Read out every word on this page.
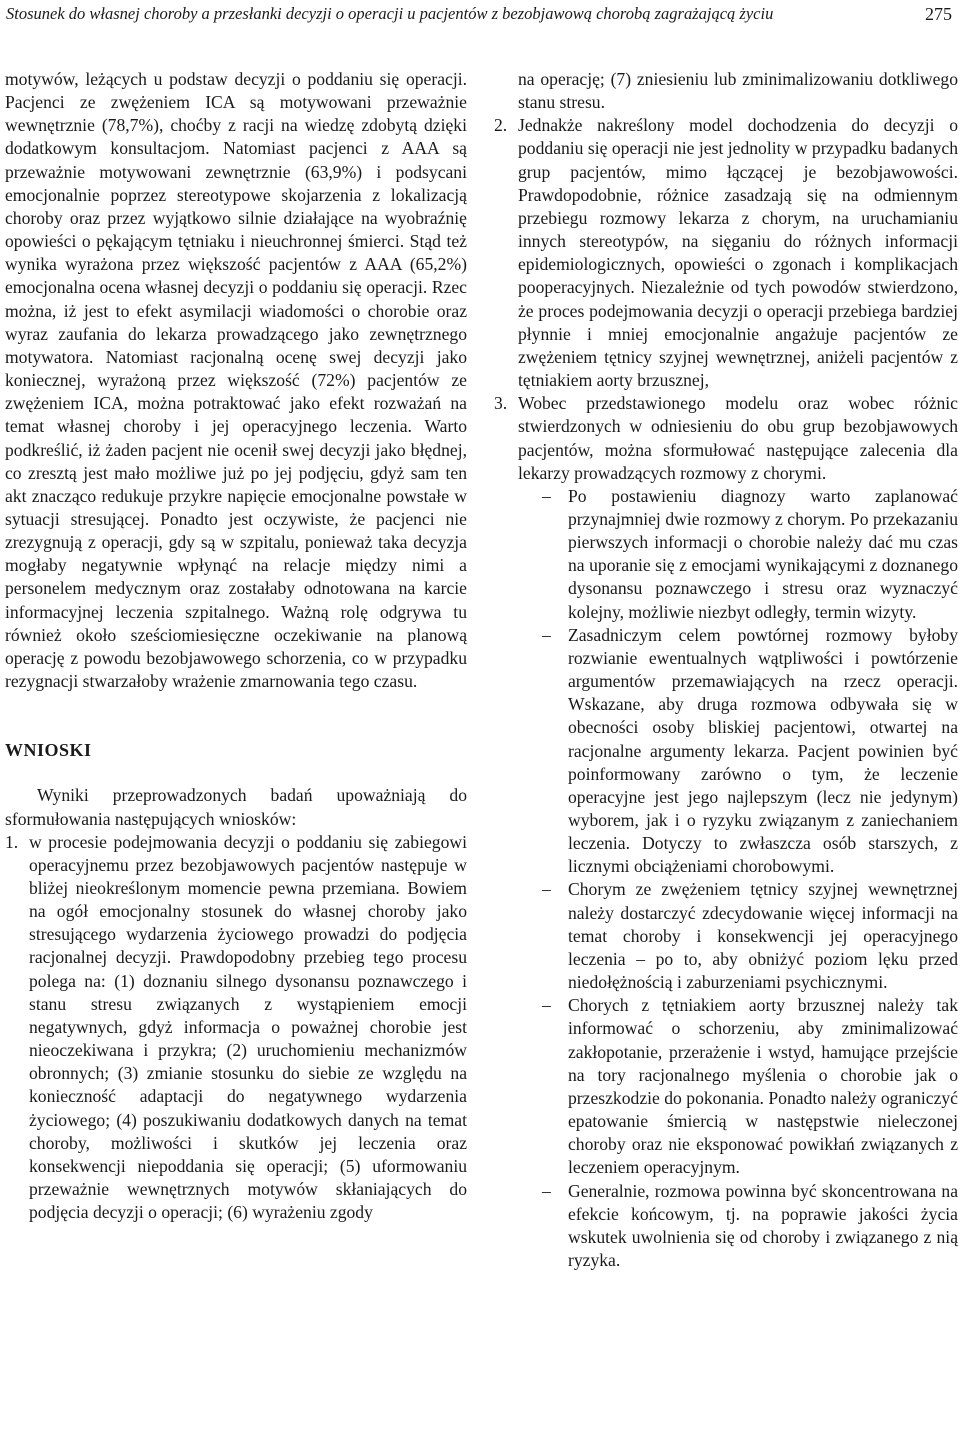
Stosunek do własnej choroby a przesłanki decyzji o operacji u pacjentów z bezobjawową chorobą zagrażającą życiu	275

motywów, leżących u podstaw decyzji o poddaniu się operacji. Pacjenci ze zwężeniem ICA są motywowani przeważnie wewnętrznie (78,7%), choćby z racji na wiedzę zdobytą dzięki dodatkowym konsultacjom. Natomiast pacjenci z AAA są przeważnie motywowani zewnętrznie (63,9%) i podsycani emocjonalnie poprzez stereotypowe skojarzenia z lokalizacją choroby oraz przez wyjątkowo silnie działające na wyobraźnię opowieści o pękającym tętniaku i nieuchronnej śmierci. Stąd też wynika wyrażona przez większość pacjentów z AAA (65,2%) emocjonalna ocena własnej decyzji o poddaniu się operacji. Rzec można, iż jest to efekt asymilacji wiadomości o chorobie oraz wyraz zaufania do lekarza prowadzącego jako zewnętrznego motywatora. Natomiast racjonalną ocenę swej decyzji jako koniecznej, wyrażoną przez większość (72%) pacjentów ze zwężeniem ICA, można potraktować jako efekt rozważań na temat własnej choroby i jej operacyjnego leczenia. Warto podkreślić, iż żaden pacjent nie ocenił swej decyzji jako błędnej, co zresztą jest mało możliwe już po jej podjęciu, gdyż sam ten akt znacząco redukuje przykre napięcie emocjonalne powstałe w sytuacji stresującej. Ponadto jest oczywiste, że pacjenci nie zrezygnują z operacji, gdy są w szpitalu, ponieważ taka decyzja mogłaby negatywnie wpłynąć na relacje między nimi a personelem medycznym oraz zostałaby odnotowana na karcie informacyjnej leczenia szpitalnego. Ważną rolę odgrywa tu również około sześciomiesięczne oczekiwanie na planową operację z powodu bezobjawowego schorzenia, co w przypadku rezygnacji stwarzałoby wrażenie zmarnowania tego czasu.

WNIOSKI

Wyniki przeprowadzonych badań upoważniają do sformułowania następujących wniosków:

1. w procesie podejmowania decyzji o poddaniu się zabiegowi operacyjnemu przez bezobjawowych pacjentów następuje w bliżej nieokreślonym momencie pewna przemiana. Bowiem na ogół emocjonalny stosunek do własnej choroby jako stresującego wydarzenia życiowego prowadzi do podjęcia racjonalnej decyzji. Prawdopodobny przebieg tego procesu polega na: (1) doznaniu silnego dysonansu poznawczego i stanu stresu związanych z wystąpieniem emocji negatywnych, gdyż informacja o poważnej chorobie jest nieoczekiwana i przykra; (2) uruchomieniu mechanizmów obronnych; (3) zmianie stosunku do siebie ze względu na konieczność adaptacji do negatywnego wydarzenia życiowego; (4) poszukiwaniu dodatkowych danych na temat choroby, możliwości i skutków jej leczenia oraz konsekwencji niepoddania się operacji; (5) uformowaniu przeważnie wewnętrznych motywów skłaniających do podjęcia decyzji o operacji; (6) wyrażeniu zgody
na operację; (7) zniesieniu lub zminimalizowaniu dotkliwego stanu stresu.
2. Jednakże nakreślony model dochodzenia do decyzji o poddaniu się operacji nie jest jednolity w przypadku badanych grup pacjentów, mimo łączącej je bezobjawowości. Prawdopodobnie, różnice zasadzają się na odmiennym przebiegu rozmowy lekarza z chorym, na uruchamianiu innych stereotypów, na sięganiu do różnych informacji epidemiologicznych, opowieści o zgonach i komplikacjach pooperacyjnych. Niezależnie od tych powodów stwierdzono, że proces podejmowania decyzji o operacji przebiega bardziej płynnie i mniej emocjonalnie angażuje pacjentów ze zwężeniem tętnicy szyjnej wewnętrznej, aniżeli pacjentów z tętniakiem aorty brzusznej,
3. Wobec przedstawionego modelu oraz wobec różnic stwierdzonych w odniesieniu do obu grup bezobjawowych pacjentów, można sformułować następujące zalecenia dla lekarzy prowadzących rozmowy z chorymi.
– Po postawieniu diagnozy warto zaplanować przynajmniej dwie rozmowy z chorym. Po przekazaniu pierwszych informacji o chorobie należy dać mu czas na uporanie się z emocjami wynikającymi z doznanego dysonansu poznawczego i stresu oraz wyznaczyć kolejny, możliwie niezbyt odległy, termin wizyty.
– Zasadniczym celem powtórnej rozmowy byłoby rozwianie ewentualnych wątpliwości i powtórzenie argumentów przemawiających na rzecz operacji. Wskazane, aby druga rozmowa odbywała się w obecności osoby bliskiej pacjentowi, otwartej na racjonalne argumenty lekarza. Pacjent powinien być poinformowany zarówno o tym, że leczenie operacyjne jest jego najlepszym (lecz nie jedynym) wyborem, jak i o ryzyku związanym z zaniechaniem leczenia. Dotyczy to zwłaszcza osób starszych, z licznymi obciążeniami chorobowymi.
– Chorym ze zwężeniem tętnicy szyjnej wewnętrznej należy dostarczyć zdecydowanie więcej informacji na temat choroby i konsekwencji jej operacyjnego leczenia – po to, aby obniżyć poziom lęku przed niedołężnością i zaburzeniami psychicznymi.
– Chorych z tętniakiem aorty brzusznej należy tak informować o schorzeniu, aby zminimalizować zakłopotanie, przerażenie i wstyd, hamujące przejście na tory racjonalnego myślenia o chorobie jak o przeszkodzie do pokonania. Ponadto należy ograniczyć epatowanie śmiercią w następstwie nieleczonej choroby oraz nie eksponować powikłań związanych z leczeniem operacyjnym.
– Generalnie, rozmowa powinna być skoncentrowana na efekcie końcowym, tj. na poprawie jakości życia wskutek uwolnienia się od choroby i związanego z nią ryzyka.
